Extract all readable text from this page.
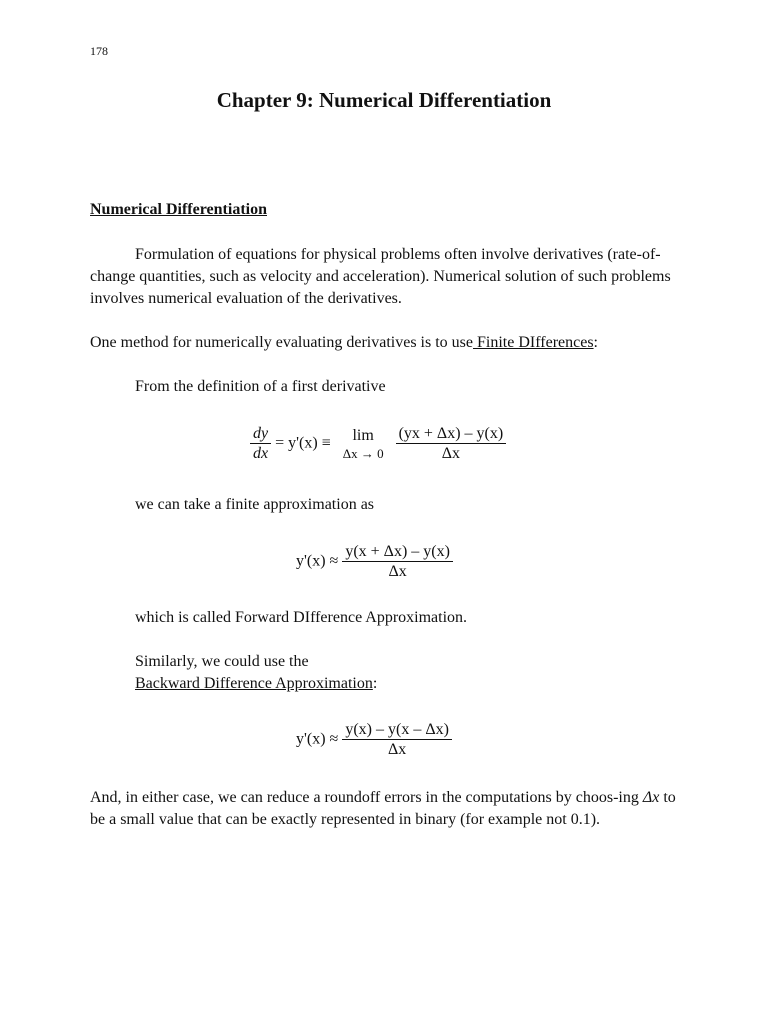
178
Chapter 9: Numerical Differentiation
Numerical Differentiation
Formulation of equations for physical problems often involve derivatives (rate-of-change quantities, such as velocity and acceleration). Numerical solution of such problems involves numerical evaluation of the derivatives.
One method for numerically evaluating derivatives is to use Finite DIfferences:
From the definition of a first derivative
$\frac{dy}{dx} = y'(x)$ ≡	lim
Δx → 0
$\frac{(yx + \Delta x) - y(x)}{\Delta x}$
we can take a finite approximation as
$y'(x) \approx \frac{y(x + \Delta x) - y(x)}{\Delta x}$
which is called Forward DIfference Approximation.
Similarly, we could use the
Backward Difference Approximation:
$y'(x) \approx \frac{y(x) - y(x - \Delta x)}{\Delta x}$
And, in either case, we can reduce a roundoff errors in the computations by choos-ing Δx to be a small value that can be exactly represented in binary (for example not 0.1).
